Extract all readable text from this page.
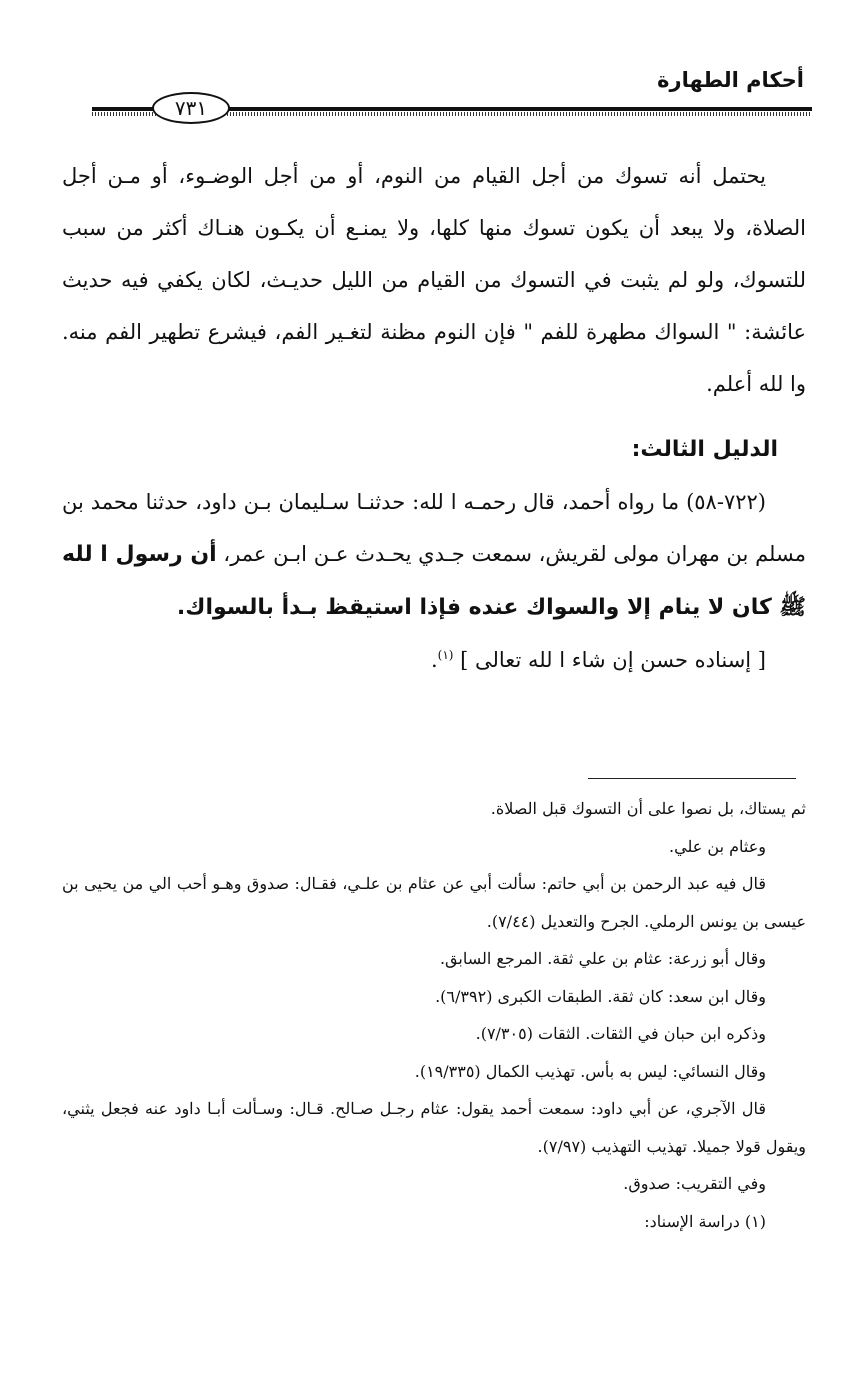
أحكام الطهارة
٧٣١

يحتمل أنه تسوك من أجل القيام من النوم، أو من أجل الوضـوء، أو مـن أجل الصلاة، ولا يبعد أن يكون تسوك منها كلها، ولا يمنـع أن يكـون هنـاك أكثر من سبب للتسوك، ولو لم يثبت في التسوك من القيام من الليل حديـث، لكان يكفي فيه حديث عائشة: " السواك مطهرة للفم " فإن النوم مظنة لتغـير الفم، فيشرع تطهير الفم منه. وا لله أعلم.

الدليل الثالث:

(٧٢٢-٥٨) ما رواه أحمد، قال رحمـه ا لله: حدثنـا سـليمان بـن داود، حدثنا محمد بن مسلم بن مهران مولى لقريش، سمعت جـدي يحـدث عـن ابـن عمر، أن رسول ا لله ﷺ كان لا ينام إلا والسواك عنده فإذا استيقظ بـدأ بالسواك.

[ إسناده حسن إن شاء ا لله تعالى ] $^{(١)}$.

ثم يستاك، بل نصوا على أن التسوك قبل الصلاة.

وعثام بن علي.

قال فيه عبد الرحمن بن أبي حاتم: سألت أبي عن عثام بن علـي، فقـال: صدوق وهـو أحب الي من يحيى بن عيسى بن يونس الرملي. الجرح والتعديل (٧/٤٤).

وقال أبو زرعة: عثام بن علي ثقة. المرجع السابق.

وقال ابن سعد: كان ثقة. الطبقات الكبرى (٦/٣٩٢).

وذكره ابن حبان في الثقات. الثقات (٧/٣٠٥).

وقال النسائي: ليس به بأس. تهذيب الكمال (١٩/٣٣٥).

قال الآجري، عن أبي داود: سمعت أحمد يقول: عثام رجـل صـالح. قـال: وسـألت أبـا داود عنه فجعل يثني، ويقول قولا جميلا. تهذيب التهذيب (٧/٩٧).

وفي التقريب: صدوق.

(١) دراسة الإسناد:
